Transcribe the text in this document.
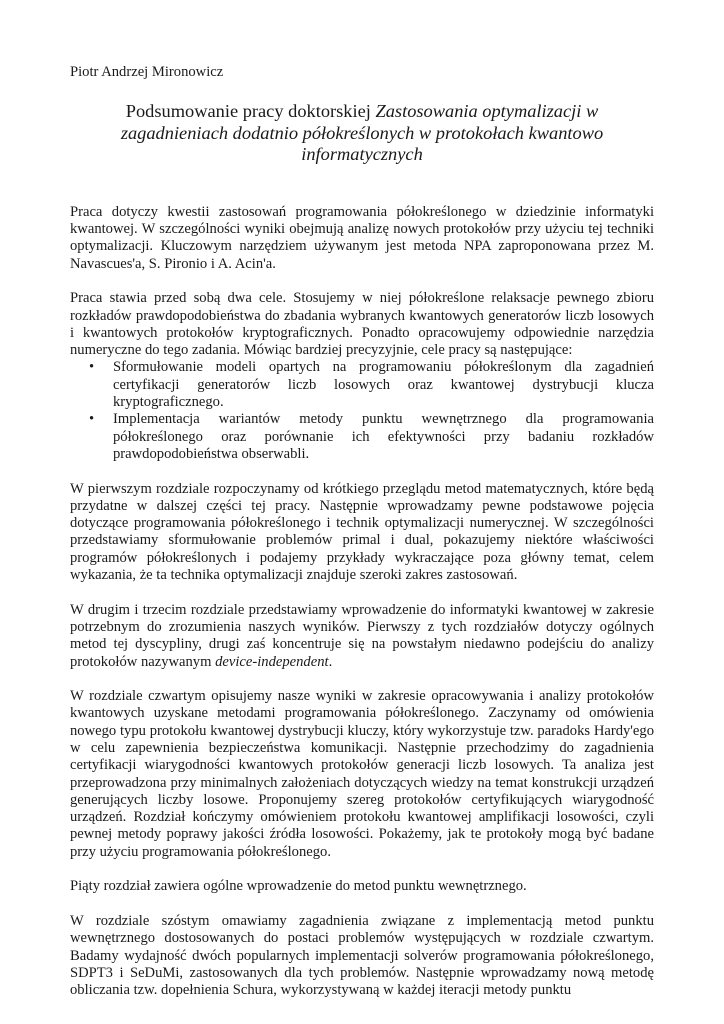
Piotr Andrzej Mironowicz
Podsumowanie pracy doktorskiej Zastosowania optymalizacji w zagadnieniach dodatnio półokreślonych w protokołach kwantowo informatycznych

Praca dotyczy kwestii zastosowań programowania półokreślonego w dziedzinie informatyki kwantowej. W szczególności wyniki obejmują analizę nowych protokołów przy użyciu tej techniki optymalizacji. Kluczowym narzędziem używanym jest metoda NPA zaproponowana przez M. Navascues'a, S. Pironio i A. Acin'a.

Praca stawia przed sobą dwa cele. Stosujemy w niej półokreślone relaksacje pewnego zbioru rozkładów prawdopodobieństwa do zbadania wybranych kwantowych generatorów liczb losowych i kwantowych protokołów kryptograficznych. Ponadto opracowujemy odpowiednie narzędzia numeryczne do tego zadania. Mówiąc bardziej precyzyjnie, cele pracy są następujące:

• Sformułowanie modeli opartych na programowaniu półokreślonym dla zagadnień certyfikacji generatorów liczb losowych oraz kwantowej dystrybucji klucza kryptograficznego.
• Implementacja wariantów metody punktu wewnętrznego dla programowania półokreślonego oraz porównanie ich efektywności przy badaniu rozkładów prawdopodobieństwa obserwabli.

W pierwszym rozdziale rozpoczynamy od krótkiego przeglądu metod matematycznych, które będą przydatne w dalszej części tej pracy. Następnie wprowadzamy pewne podstawowe pojęcia dotyczące programowania półokreślonego i technik optymalizacji numerycznej. W szczególności przedstawiamy sformułowanie problemów primal i dual, pokazujemy niektóre właściwości programów półokreślonych i podajemy przykłady wykraczające poza główny temat, celem wykazania, że ta technika optymalizacji znajduje szeroki zakres zastosowań.

W drugim i trzecim rozdziale przedstawiamy wprowadzenie do informatyki kwantowej w zakresie potrzebnym do zrozumienia naszych wyników. Pierwszy z tych rozdziałów dotyczy ogólnych metod tej dyscypliny, drugi zaś koncentruje się na powstałym niedawno podejściu do analizy protokołów nazywanym device-independent.

W rozdziale czwartym opisujemy nasze wyniki w zakresie opracowywania i analizy protokołów kwantowych uzyskane metodami programowania półokreślonego. Zaczynamy od omówienia nowego typu protokołu kwantowej dystrybucji kluczy, który wykorzystuje tzw. paradoks Hardy'ego w celu zapewnienia bezpieczeństwa komunikacji. Następnie przechodzimy do zagadnienia certyfikacji wiarygodności kwantowych protokołów generacji liczb losowych. Ta analiza jest przeprowadzona przy minimalnych założeniach dotyczących wiedzy na temat konstrukcji urządzeń generujących liczby losowe. Proponujemy szereg protokołów certyfikujących wiarygodność urządzeń. Rozdział kończymy omówieniem protokołu kwantowej amplifikacji losowości, czyli pewnej metody poprawy jakości źródła losowości. Pokażemy, jak te protokoły mogą być badane przy użyciu programowania półokreślonego.

Piąty rozdział zawiera ogólne wprowadzenie do metod punktu wewnętrznego.

W rozdziale szóstym omawiamy zagadnienia związane z implementacją metod punktu wewnętrznego dostosowanych do postaci problemów występujących w rozdziale czwartym. Badamy wydajność dwóch popularnych implementacji solverów programowania półokreślonego, SDPT3 i SeDuMi, zastosowanych dla tych problemów. Następnie wprowadzamy nową metodę obliczania tzw. dopełnienia Schura, wykorzystywaną w każdej iteracji metody punktu
